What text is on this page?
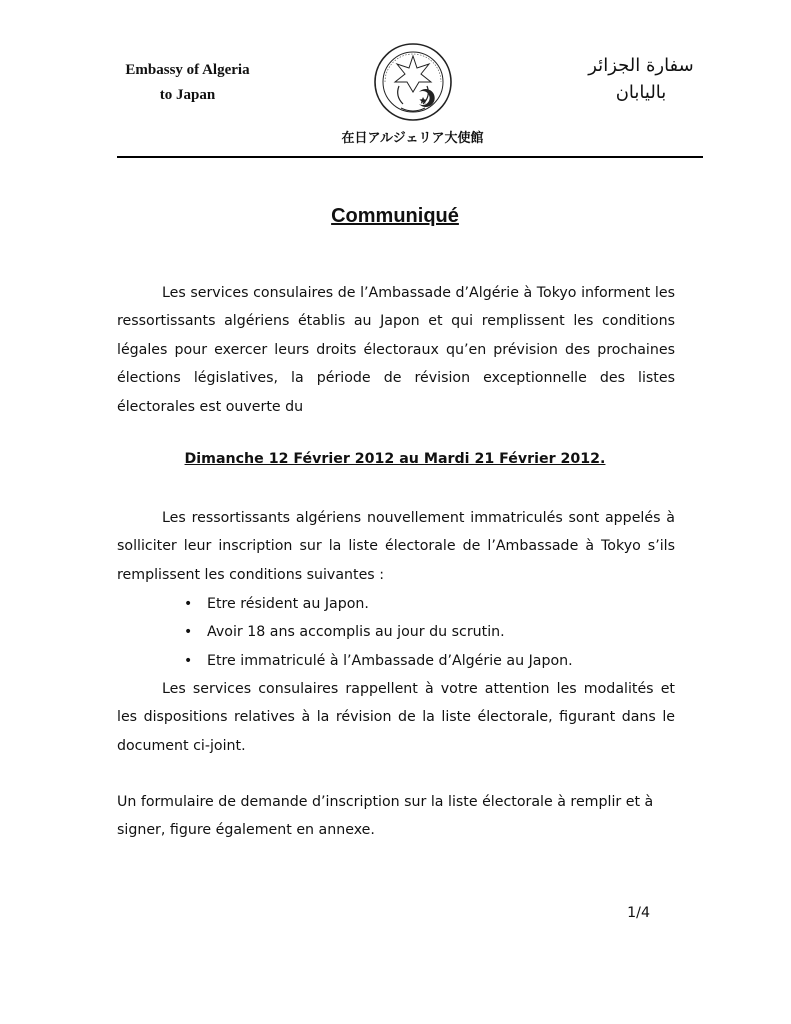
Embassy of Algeria
to Japan
سفارة الجزائر
باليابان
在日アルジェリア大使館
Communiqué

Les services consulaires de l’Ambassade d’Algérie à Tokyo informent les ressortissants algériens établis au Japon et qui remplissent les conditions légales pour exercer leurs droits électoraux qu’en prévision des prochaines élections législatives, la période de révision exceptionnelle des listes électorales est ouverte du

Dimanche 12 Février 2012 au Mardi 21 Février 2012.

Les ressortissants algériens nouvellement immatriculés sont appelés à solliciter leur inscription sur la liste électorale de l’Ambassade à Tokyo s’ils remplissent les conditions suivantes :

• Etre résident au Japon.
• Avoir 18 ans accomplis au jour du scrutin.
• Etre immatriculé à l’Ambassade d’Algérie au Japon.

Les services consulaires rappellent à votre attention les modalités et les dispositions relatives à la révision de la liste électorale, figurant dans le document ci-joint.

Un formulaire de demande d’inscription sur la liste électorale à remplir et à signer, figure également en annexe.

1/4
